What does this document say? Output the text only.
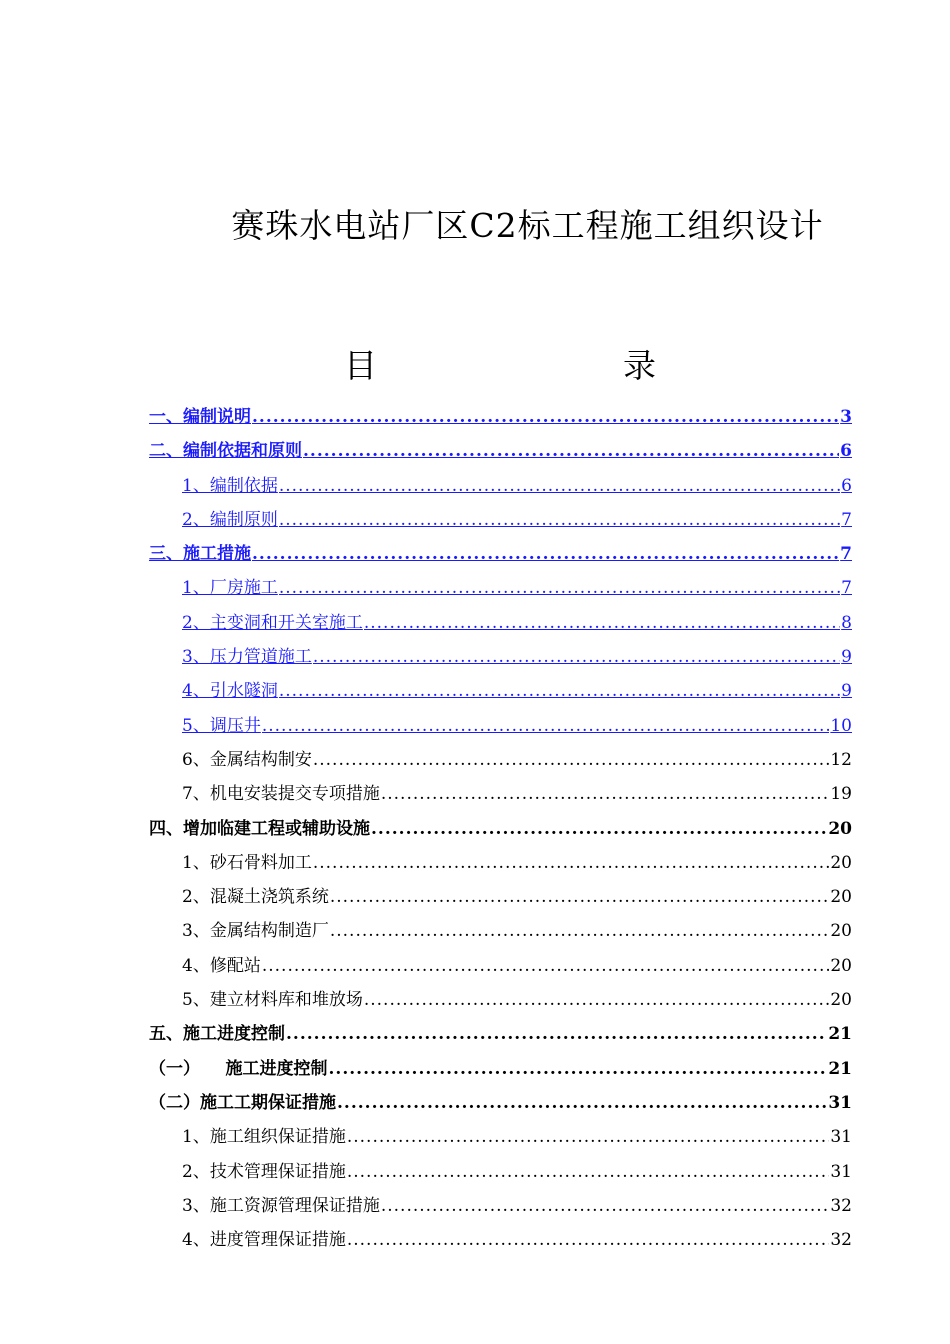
赛珠水电站厂区C2标工程施工组织设计
目　　录
一、编制说明 .....	3
二、编制依据和原则 .....	6
1、编制依据 .....	6
2、编制原则 .....	7
三、施工措施 .....	7
1、厂房施工 .....	7
2、主变洞和开关室施工 .....	8
3、压力管道施工 .....	9
4、引水隧洞 .....	9
5、调压井 .....	10
6、金属结构制安 .....	12
7、机电安装提交专项措施 .....	19
四、增加临建工程或辅助设施 .....	20
1、砂石骨料加工 .....	20
2、混凝土浇筑系统 .....	20
3、金属结构制造厂 .....	20
4、修配站 .....	20
5、建立材料库和堆放场 .....	20
五、施工进度控制 .....	21
（一）　　施工进度控制 .....	21
（二）施工工期保证措施 .....	31
1、施工组织保证措施 .....	31
2、技术管理保证措施 .....	31
3、施工资源管理保证措施 .....	32
4、进度管理保证措施 .....	32
